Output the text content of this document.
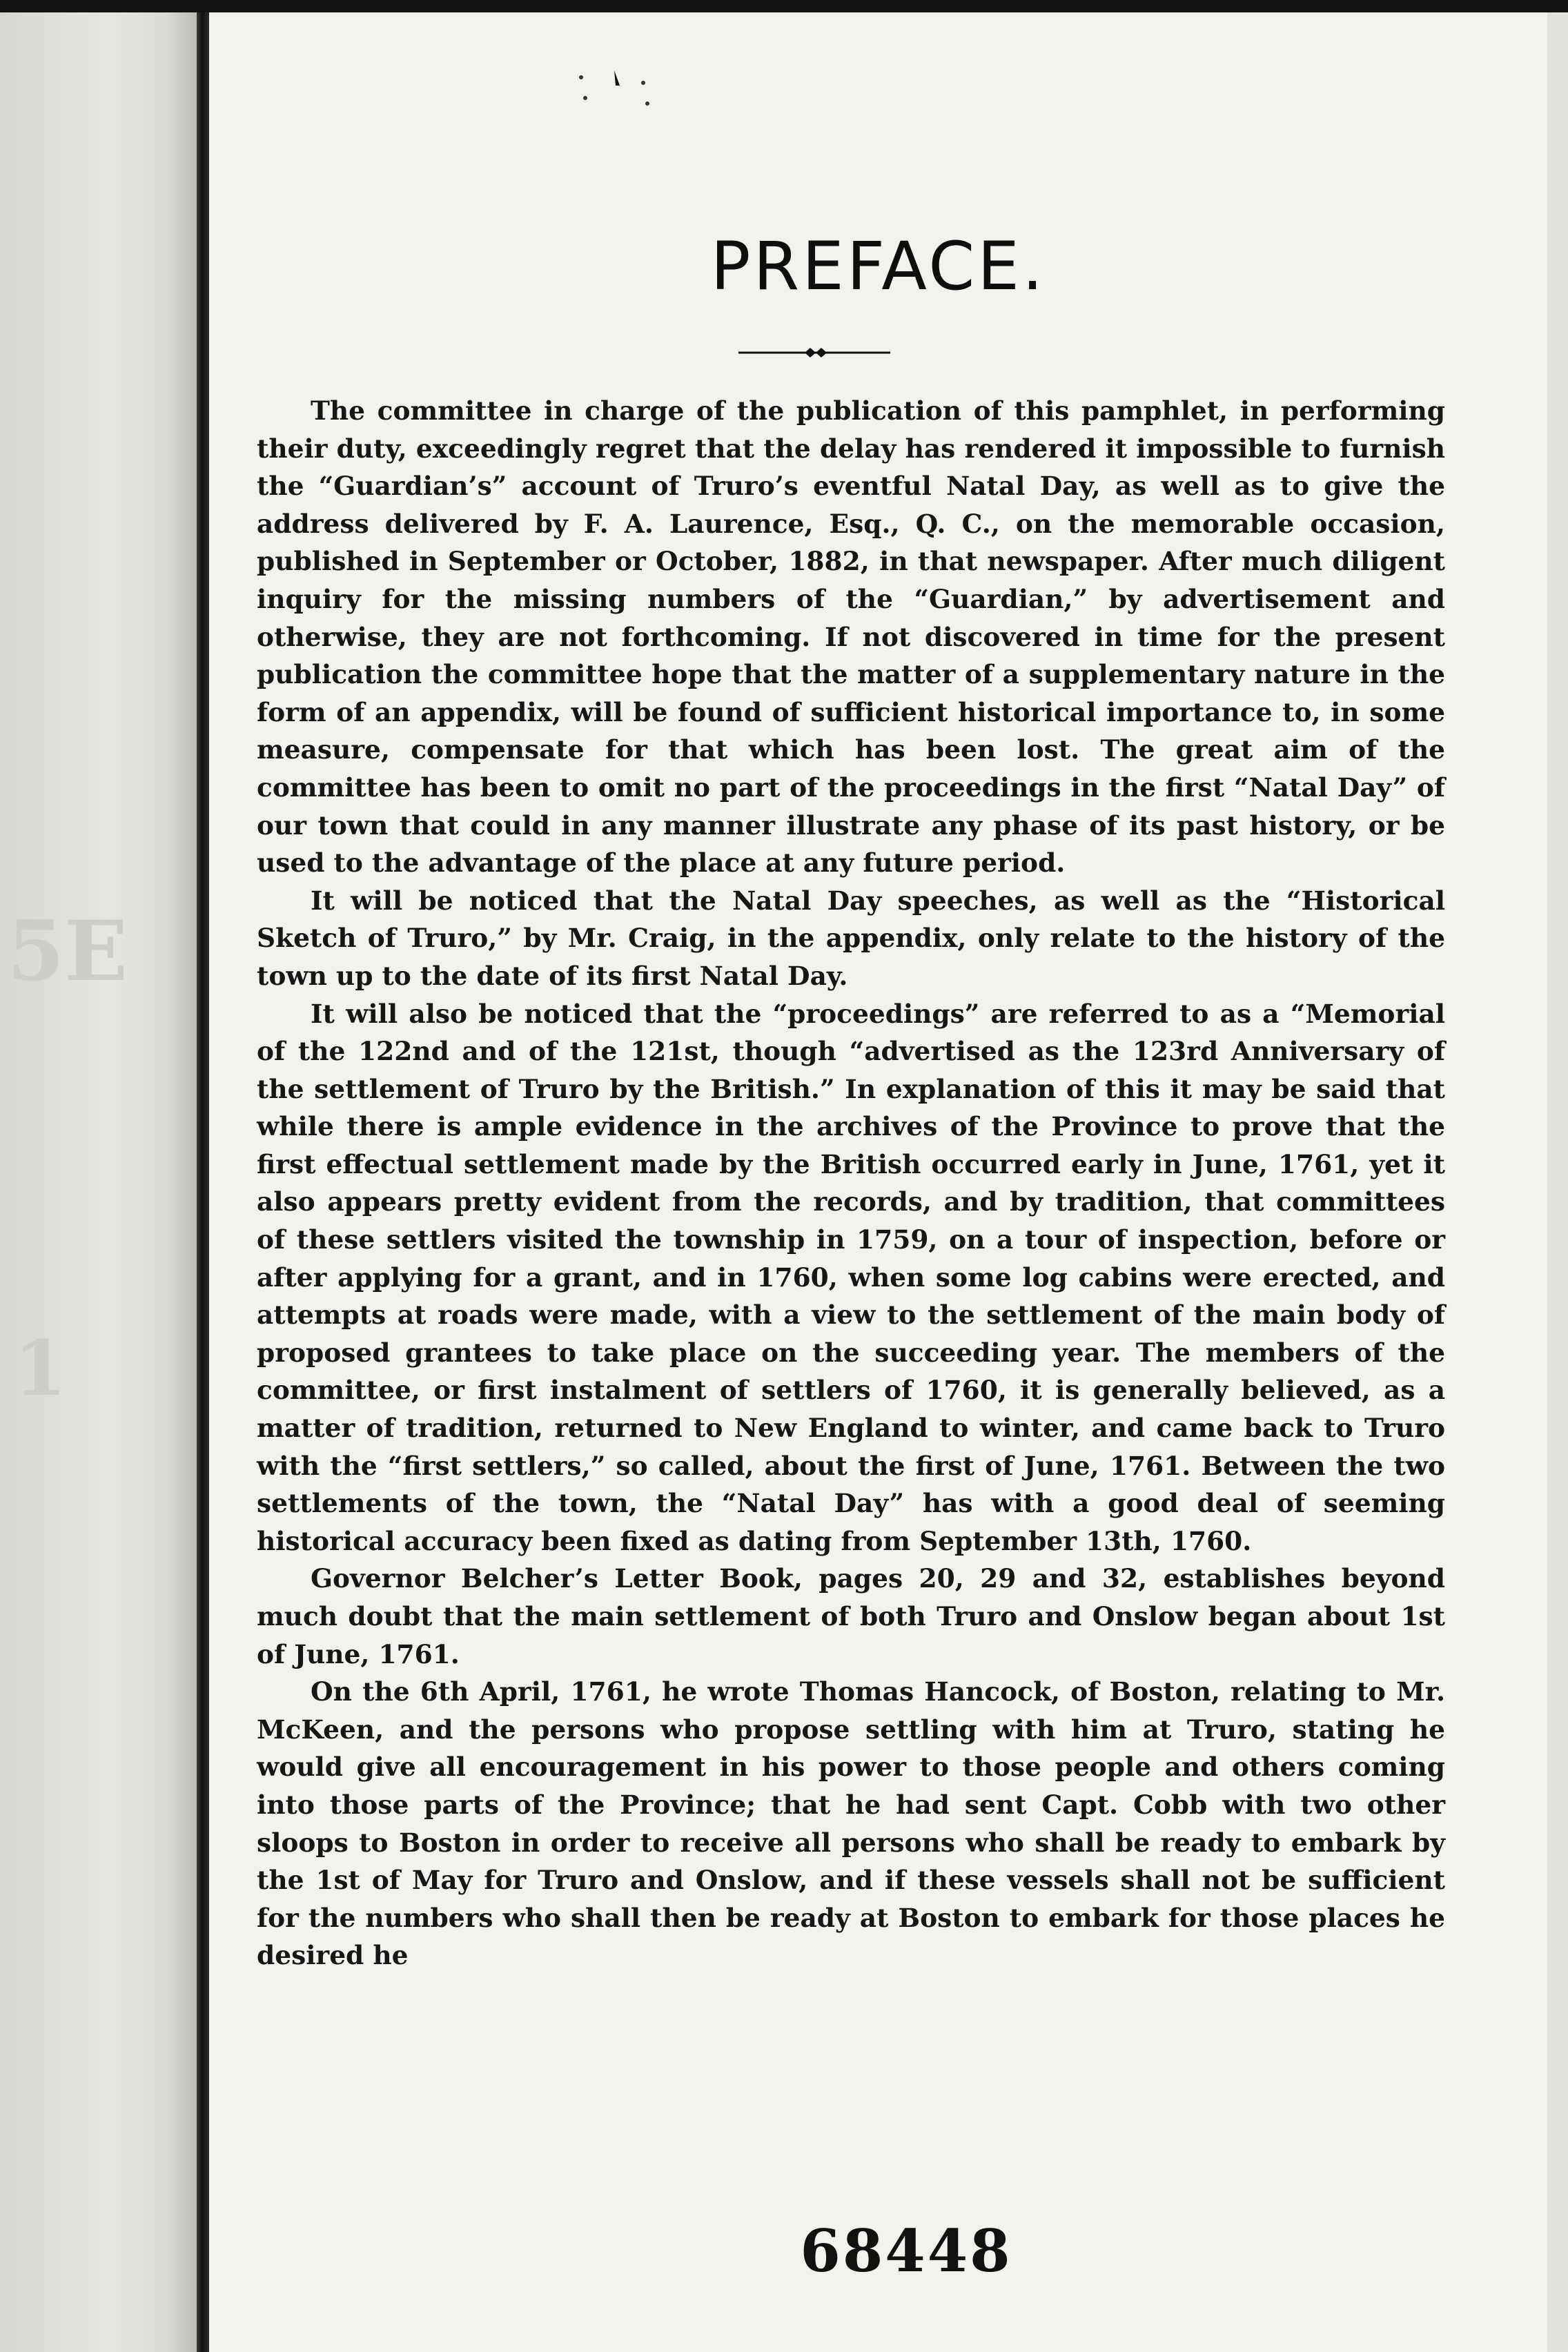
5E
1
PREFACE.

The committee in charge of the publication of this pamphlet, in performing their duty, exceedingly regret that the delay has rendered it impossible to furnish the “Guardian’s” account of Truro’s eventful Natal Day, as well as to give the address delivered by F. A. Laurence, Esq., Q. C., on the memorable occasion, published in September or October, 1882, in that newspaper. After much diligent inquiry for the missing numbers of the “Guardian,” by advertisement and otherwise, they are not forthcoming. If not discovered in time for the present publication the committee hope that the matter of a supplementary nature in the form of an appendix, will be found of sufficient historical importance to, in some measure, compensate for that which has been lost. The great aim of the committee has been to omit no part of the proceedings in the first “Natal Day” of our town that could in any manner illustrate any phase of its past history, or be used to the advantage of the place at any future period.

It will be noticed that the Natal Day speeches, as well as the “Historical Sketch of Truro,” by Mr. Craig, in the appendix, only relate to the history of the town up to the date of its first Natal Day.

It will also be noticed that the “proceedings” are referred to as a “Memorial of the 122nd and of the 121st, though “advertised as the 123rd Anniversary of the settlement of Truro by the British.” In explanation of this it may be said that while there is ample evidence in the archives of the Province to prove that the first effectual settlement made by the British occurred early in June, 1761, yet it also appears pretty evident from the records, and by tradition, that committees of these settlers visited the township in 1759, on a tour of inspection, before or after applying for a grant, and in 1760, when some log cabins were erected, and attempts at roads were made, with a view to the settlement of the main body of proposed grantees to take place on the succeeding year. The members of the committee, or first instalment of settlers of 1760, it is generally believed, as a matter of tradition, returned to New England to winter, and came back to Truro with the “first settlers,” so called, about the first of June, 1761. Between the two settlements of the town, the “Natal Day” has with a good deal of seeming historical accuracy been fixed as dating from September 13th, 1760.

Governor Belcher’s Letter Book, pages 20, 29 and 32, establishes beyond much doubt that the main settlement of both Truro and Onslow began about 1st of June, 1761.

On the 6th April, 1761, he wrote Thomas Hancock, of Boston, relating to Mr. McKeen, and the persons who propose settling with him at Truro, stating he would give all encouragement in his power to those people and others coming into those parts of the Province; that he had sent Capt. Cobb with two other sloops to Boston in order to receive all persons who shall be ready to embark by the 1st of May for Truro and Onslow, and if these vessels shall not be sufficient for the numbers who shall then be ready at Boston to embark for those places he desired he

68448
